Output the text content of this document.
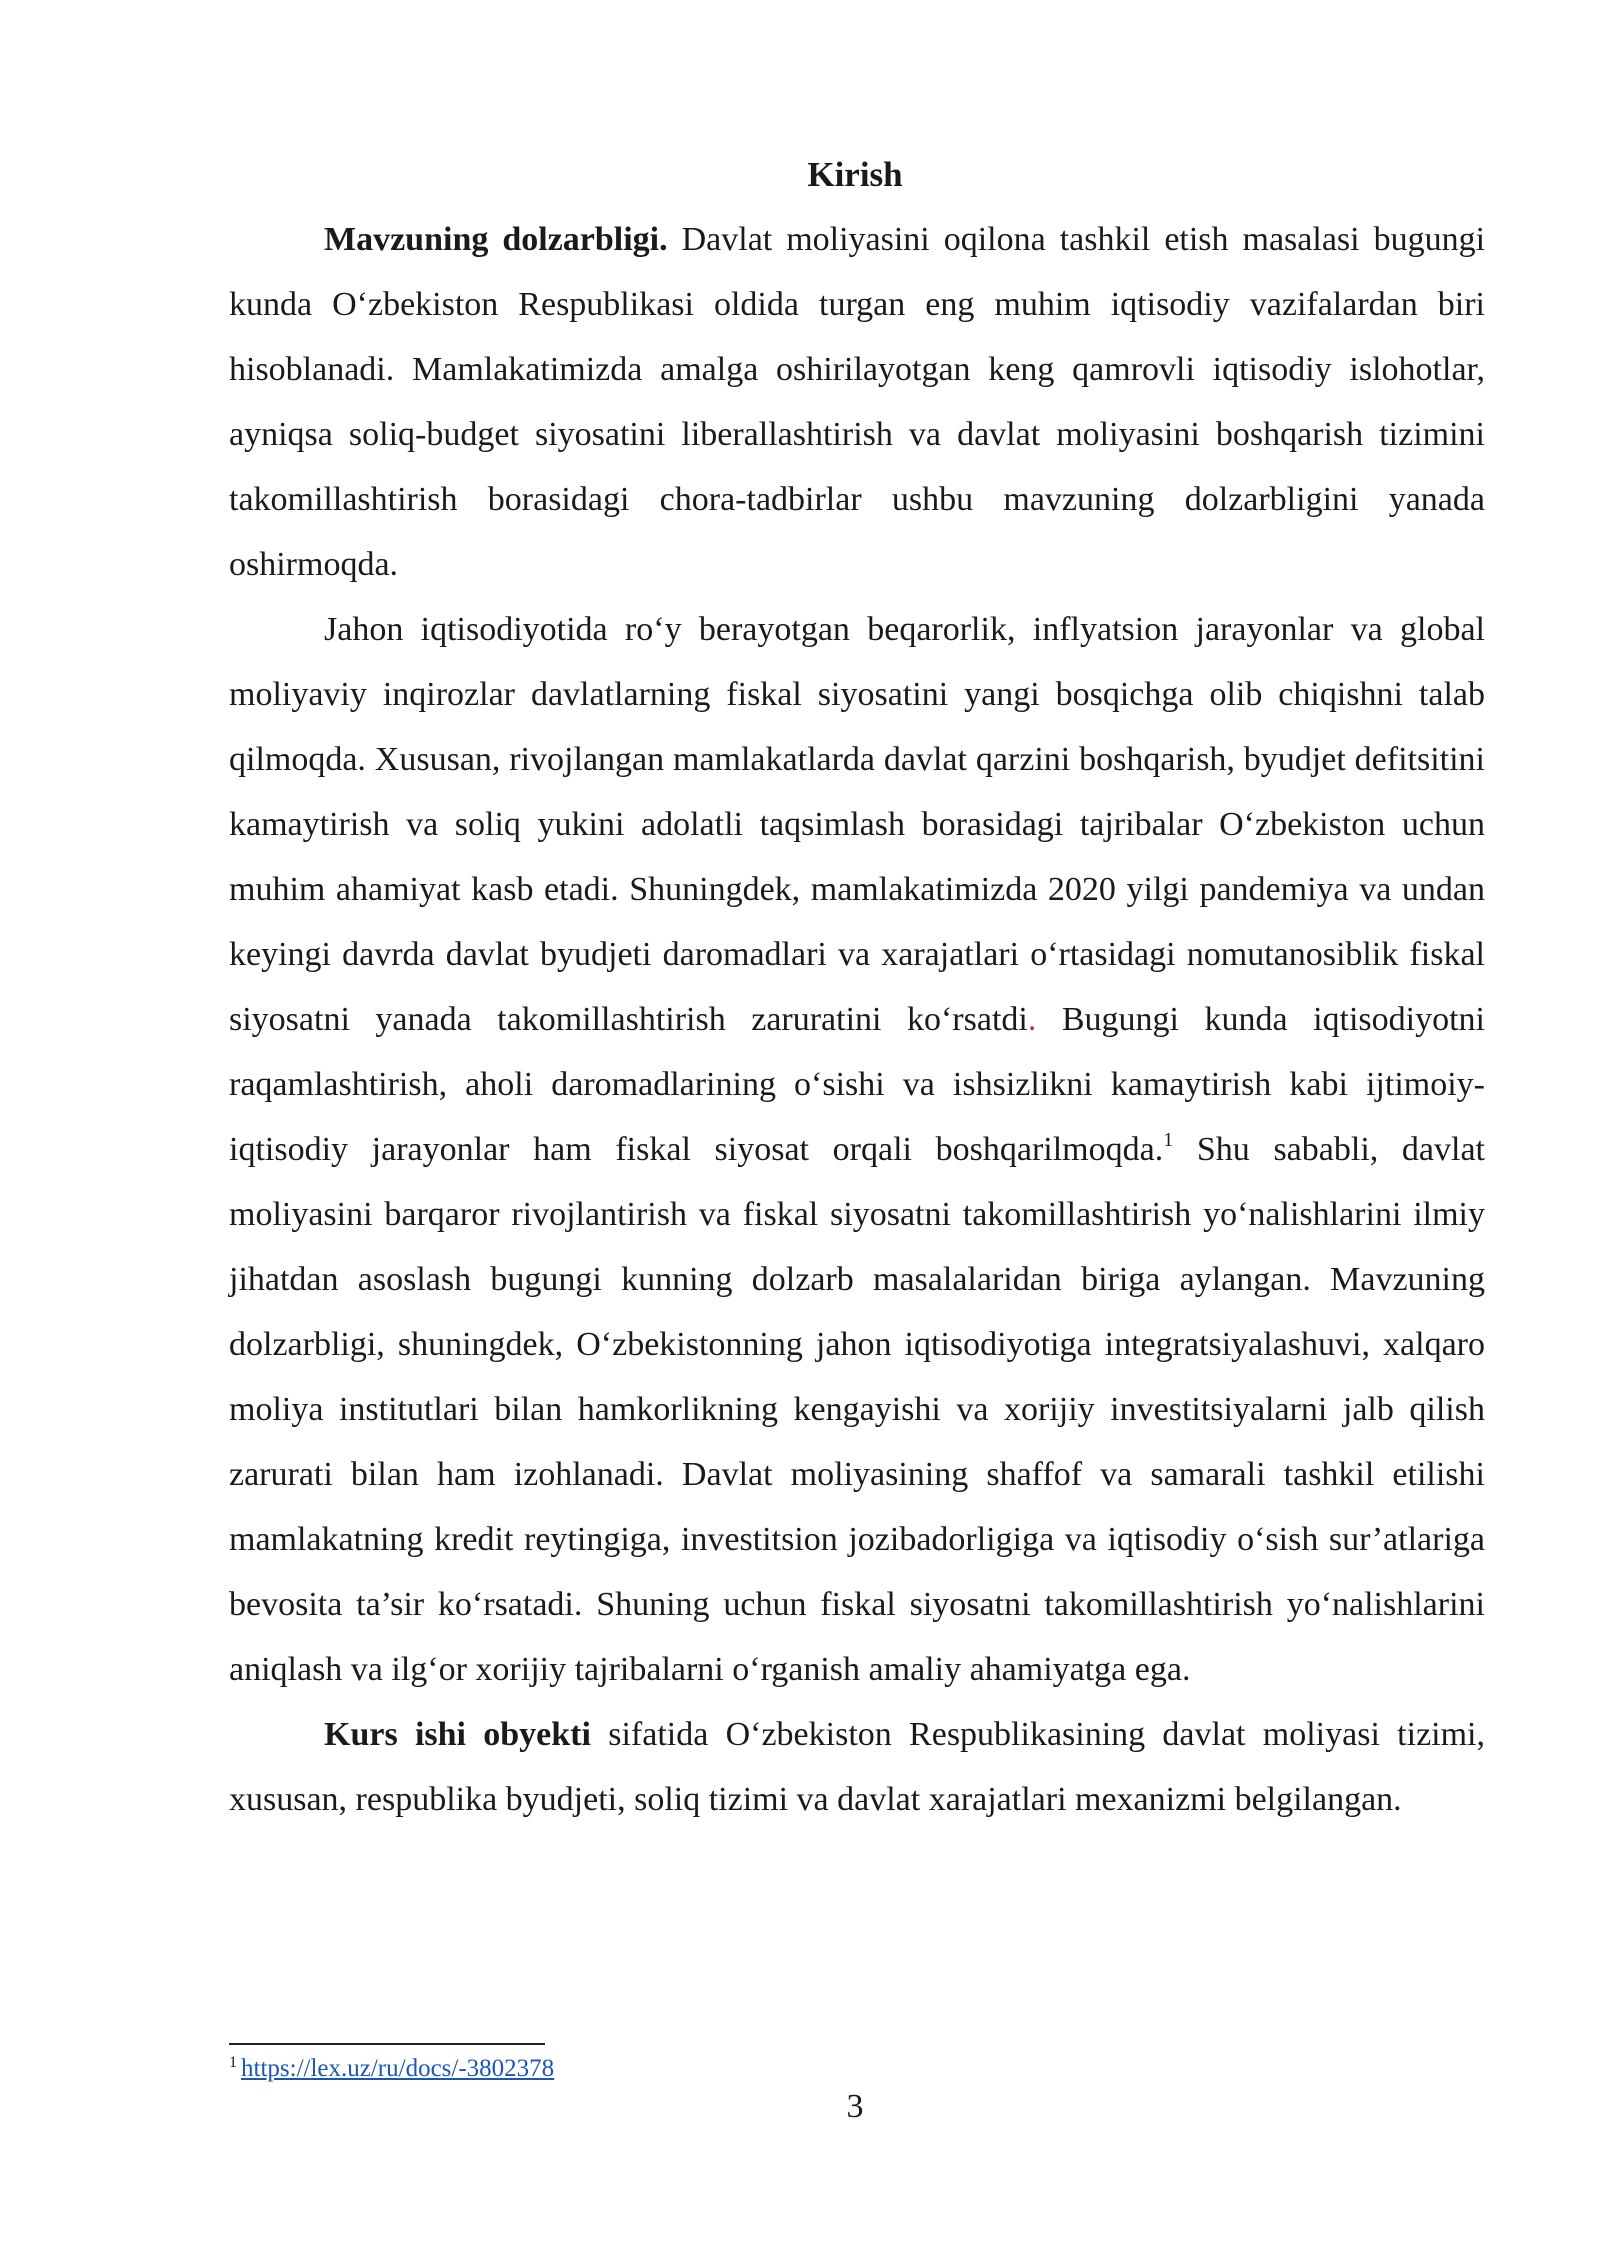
Kirish

Mavzuning dolzarbligi. Davlat moliyasini oqilona tashkil etish masalasi bugungi kunda O‘zbekiston Respublikasi oldida turgan eng muhim iqtisodiy vazifalardan biri hisoblanadi. Mamlakatimizda amalga oshirilayotgan keng qamrovli iqtisodiy islohotlar, ayniqsa soliq-budget siyosatini liberallashtirish va davlat moliyasini boshqarish tizimini takomillashtirish borasidagi chora-tadbirlar ushbu mavzuning dolzarbligini yanada oshirmoqda.

Jahon iqtisodiyotida ro‘y berayotgan beqarorlik, inflyatsion jarayonlar va global moliyaviy inqirozlar davlatlarning fiskal siyosatini yangi bosqichga olib chiqishni talab qilmoqda. Xususan, rivojlangan mamlakatlarda davlat qarzini boshqarish, byudjet defitsitini kamaytirish va soliq yukini adolatli taqsimlash borasidagi tajribalar O‘zbekiston uchun muhim ahamiyat kasb etadi. Shuningdek, mamlakatimizda 2020 yilgi pandemiya va undan keyingi davrda davlat byudjeti daromadlari va xarajatlari o‘rtasidagi nomutanosiblik fiskal siyosatni yanada takomillashtirish zaruratini ko‘rsatdi. Bugungi kunda iqtisodiyotni raqamlashtirish, aholi daromadlarining o‘sishi va ishsizlikni kamaytirish kabi ijtimoiy-iqtisodiy jarayonlar ham fiskal siyosat orqali boshqarilmoqda.$^1$ Shu sababli, davlat moliyasini barqaror rivojlantirish va fiskal siyosatni takomillashtirish yo‘nalishlarini ilmiy jihatdan asoslash bugungi kunning dolzarb masalalaridan biriga aylangan. Mavzuning dolzarbligi, shuningdek, O‘zbekistonning jahon iqtisodiyotiga integratsiyalashuvi, xalqaro moliya institutlari bilan hamkorlikning kengayishi va xorijiy investitsiyalarni jalb qilish zarurati bilan ham izohlanadi. Davlat moliyasining shaffof va samarali tashkil etilishi mamlakatning kredit reytingiga, investitsion jozibadorligiga va iqtisodiy o‘sish sur’atlariga bevosita ta’sir ko‘rsatadi. Shuning uchun fiskal siyosatni takomillashtirish yo‘nalishlarini aniqlash va ilg‘or xorijiy tajribalarni o‘rganish amaliy ahamiyatga ega.

Kurs ishi obyekti sifatida O‘zbekiston Respublikasining davlat moliyasi tizimi, xususan, respublika byudjeti, soliq tizimi va davlat xarajatlari mexanizmi belgilangan.

$^1$ https://lex.uz/ru/docs/-3802378
3
